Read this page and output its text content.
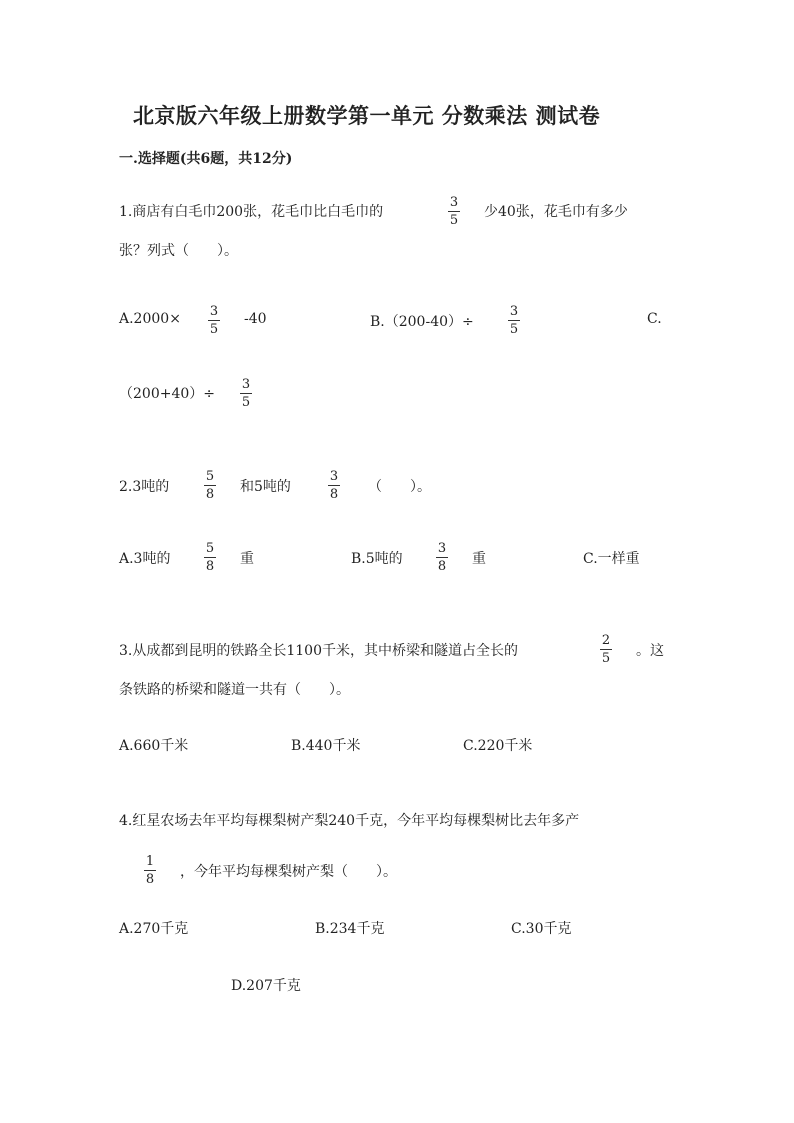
北京版六年级上册数学第一单元 分数乘法 测试卷
一.选择题(共6题，共12分)
1.商店有白毛巾200张，花毛巾比白毛巾的
3
5
少40张，花毛巾有多少
张？列式（　　）。
A.2000× 3
5
-40	B.（200-40）÷
3
5
C.
（200+40）÷
3
5
2.3吨的
5
8 和5吨的
3
8 （　　）。
A.3吨的
5
8 重	B.5吨的
3
8 重	C.一样重
3.从成都到昆明的铁路全长1100千米，其中桥梁和隧道占全长的
2
5 。这
条铁路的桥梁和隧道一共有（　　）。
A.660千米	B.440千米	C.220千米
4.红星农场去年平均每棵梨树产梨240千克，今年平均每棵梨树比去年多产
1
8 ，今年平均每棵梨树产梨（　　）。
A.270千克	B.234千克	C.30千克
D.207千克
